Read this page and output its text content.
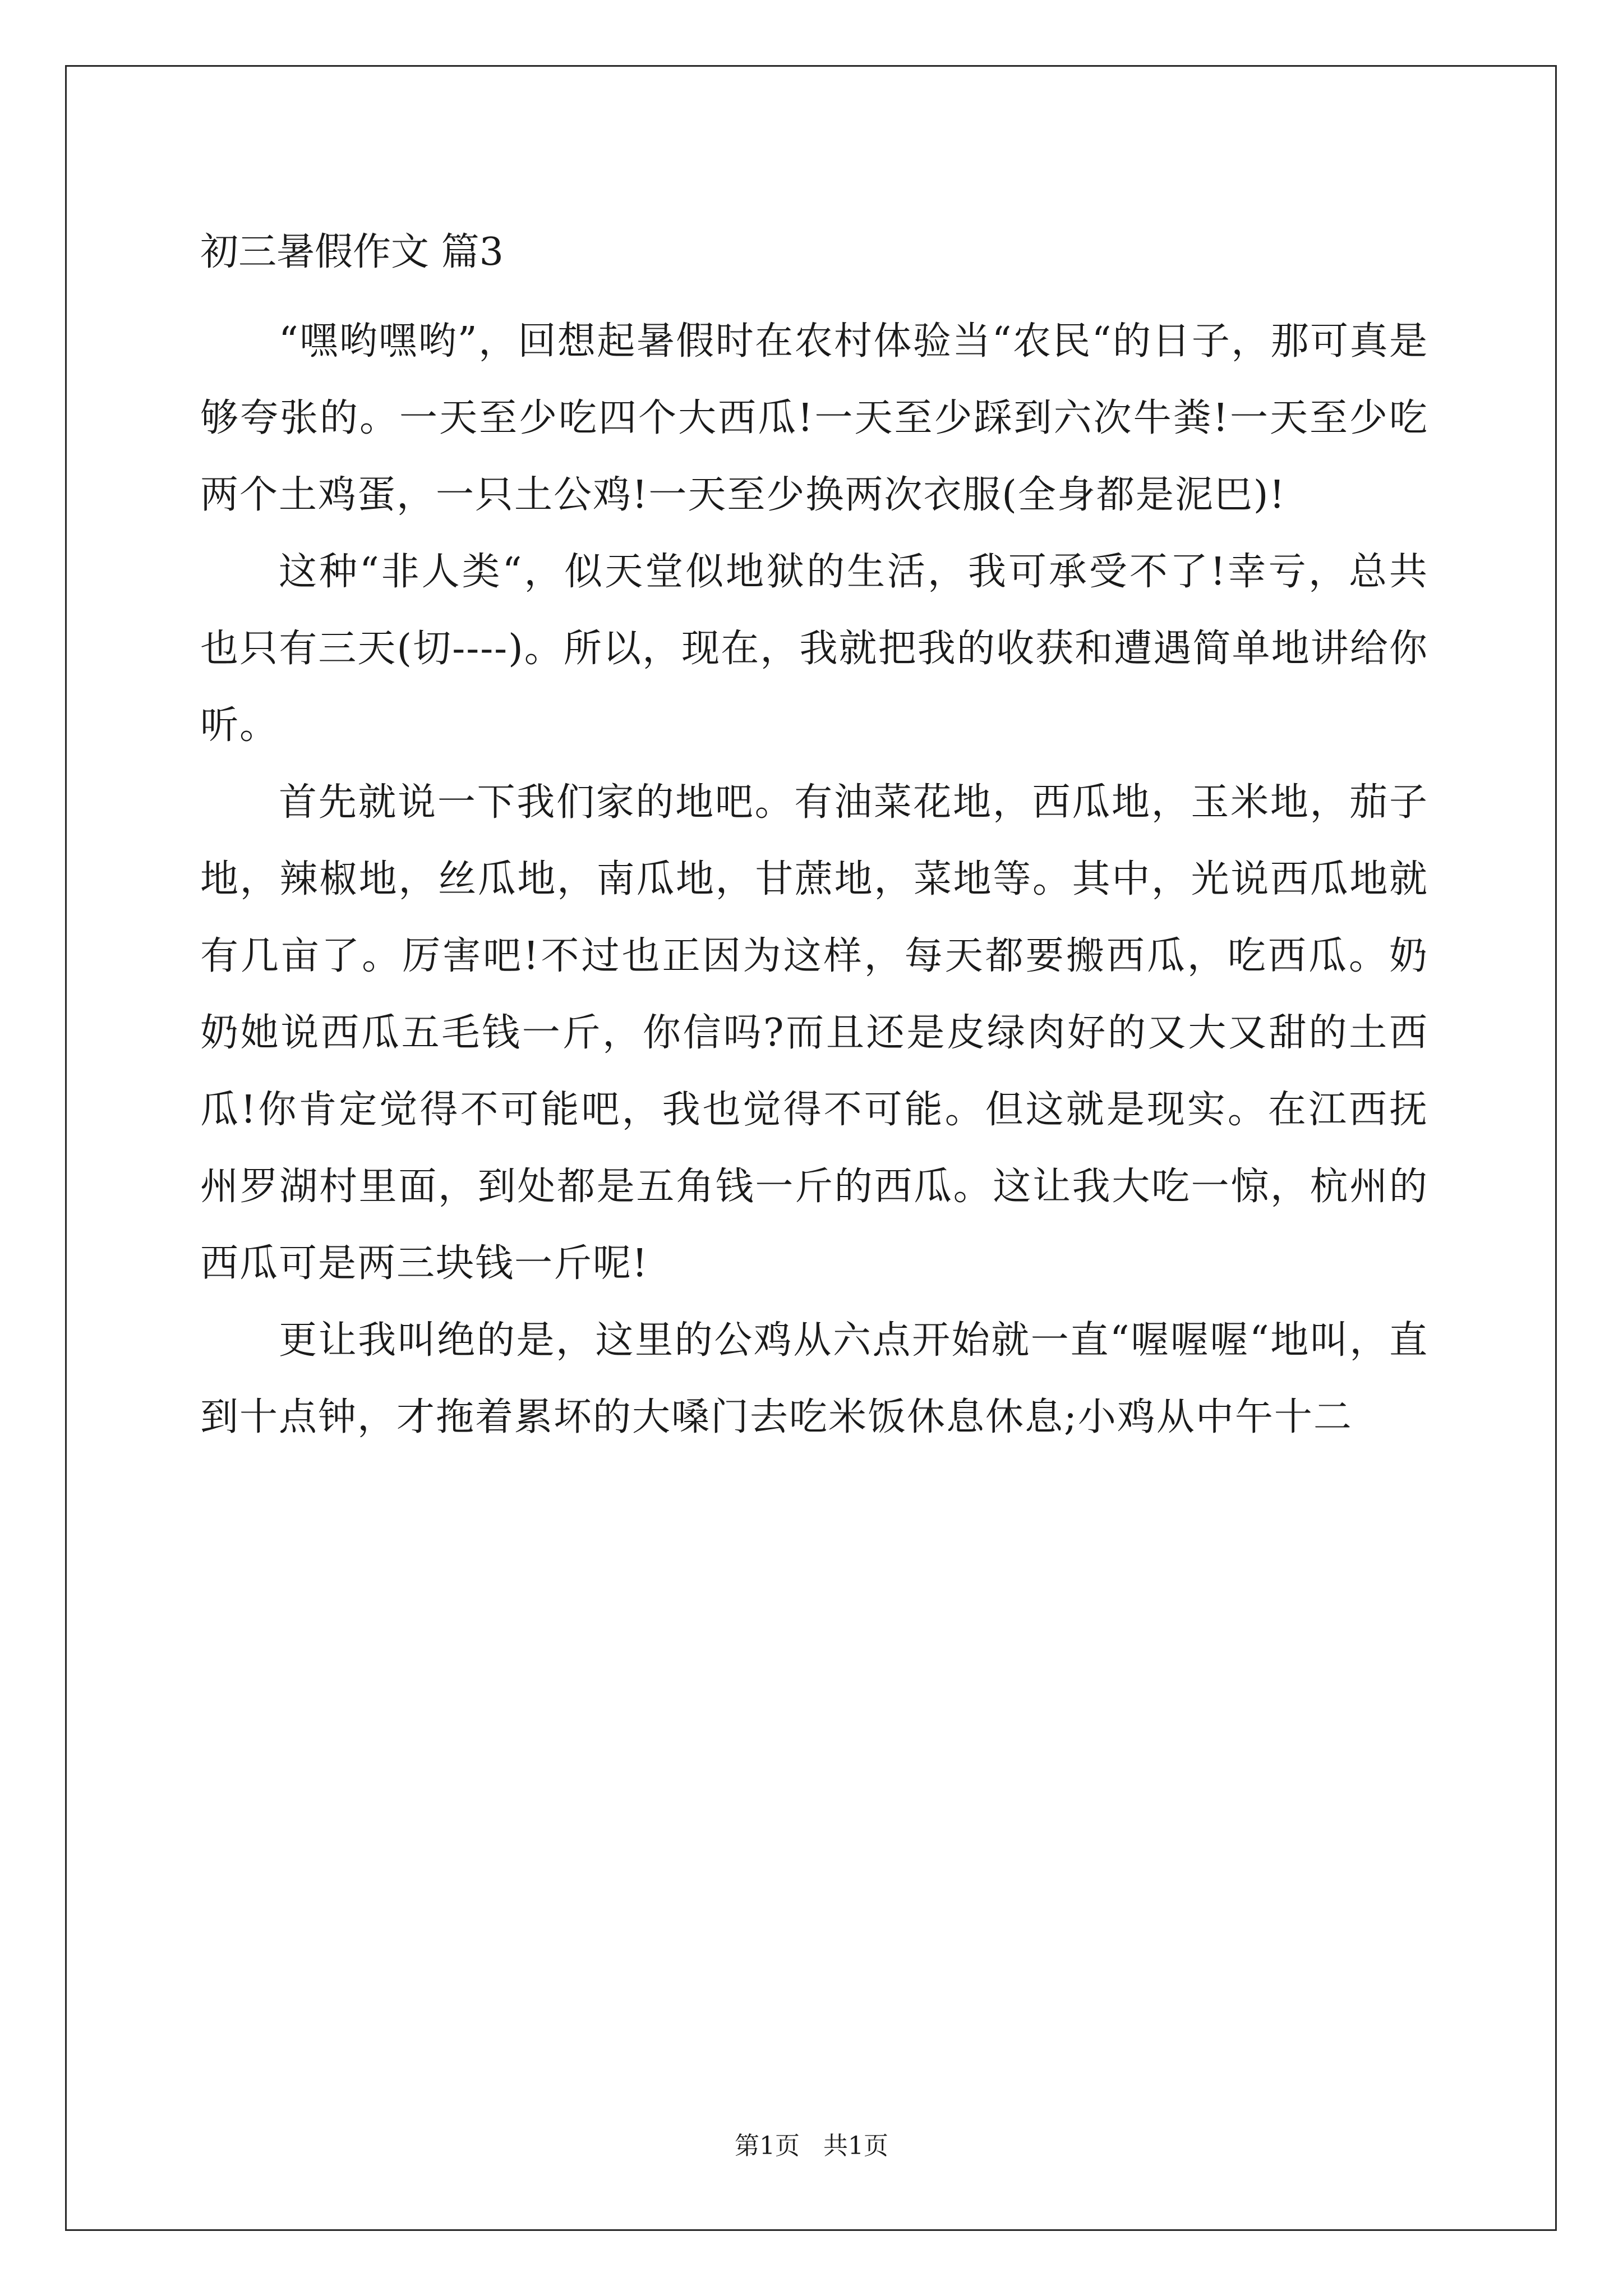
初三暑假作文 篇3

“嘿哟嘿哟”，回想起暑假时在农村体验当“农民“的日子，那可真是够夸张的。一天至少吃四个大西瓜!一天至少踩到六次牛粪!一天至少吃两个土鸡蛋，一只土公鸡!一天至少换两次衣服(全身都是泥巴)!

这种“非人类“，似天堂似地狱的生活，我可承受不了!幸亏，总共也只有三天(切----)。所以，现在，我就把我的收获和遭遇简单地讲给你听。

首先就说一下我们家的地吧。有油菜花地，西瓜地，玉米地，茄子地，辣椒地，丝瓜地，南瓜地，甘蔗地，菜地等。其中，光说西瓜地就有几亩了。厉害吧!不过也正因为这样，每天都要搬西瓜，吃西瓜。奶奶她说西瓜五毛钱一斤，你信吗?而且还是皮绿肉好的又大又甜的土西瓜!你肯定觉得不可能吧，我也觉得不可能。但这就是现实。在江西抚州罗湖村里面，到处都是五角钱一斤的西瓜。这让我大吃一惊，杭州的西瓜可是两三块钱一斤呢!

更让我叫绝的是，这里的公鸡从六点开始就一直“喔喔喔“地叫，直到十点钟，才拖着累坏的大嗓门去吃米饭休息休息;小鸡从中午十二

第1页   共1页
